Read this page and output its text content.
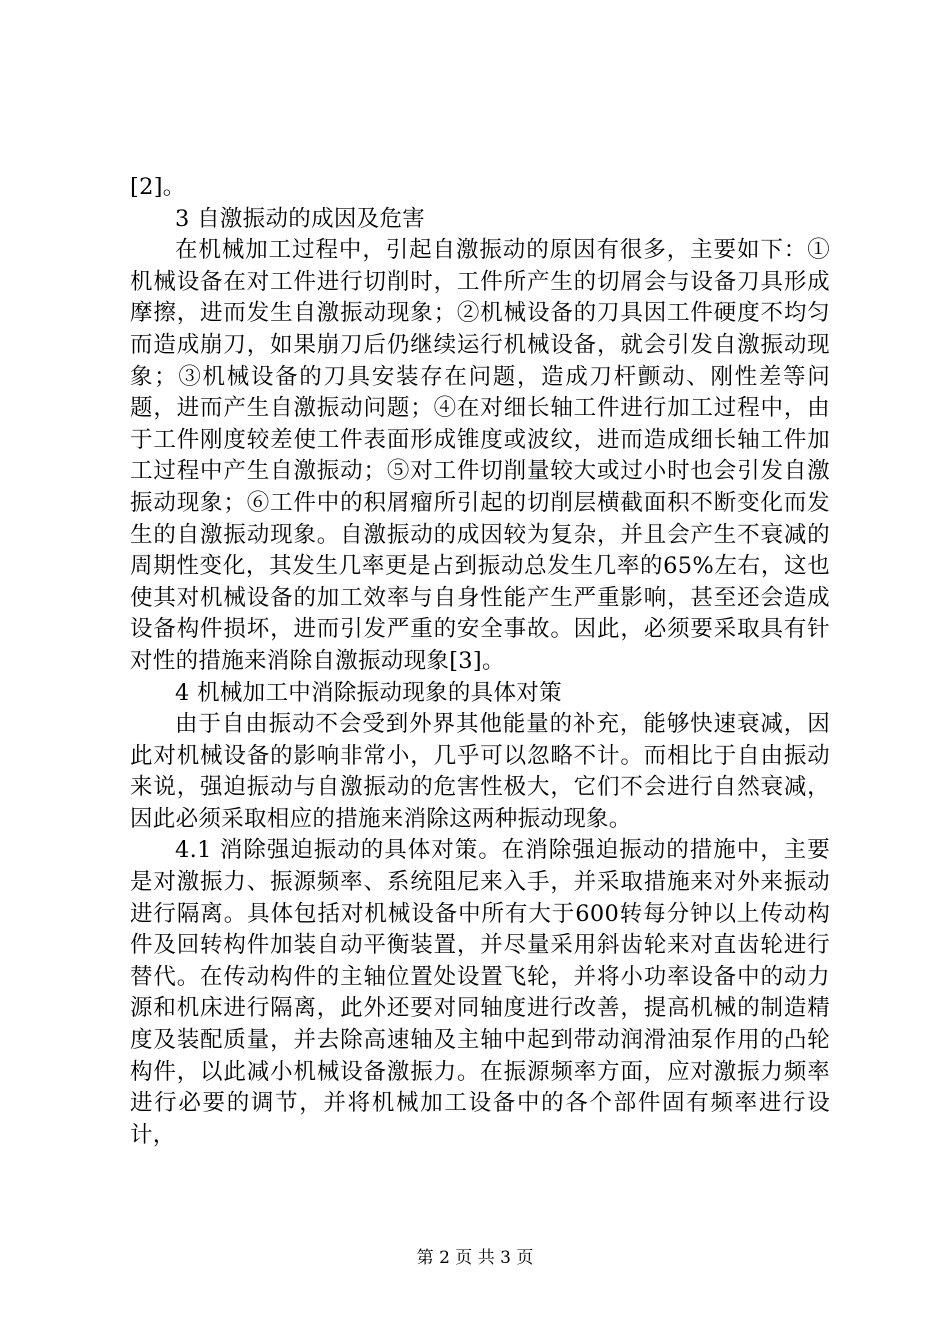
[2]。

3 自激振动的成因及危害

在机械加工过程中，引起自激振动的原因有很多，主要如下：①机械设备在对工件进行切削时，工件所产生的切屑会与设备刀具形成摩擦，进而发生自激振动现象；②机械设备的刀具因工件硬度不均匀而造成崩刀，如果崩刀后仍继续运行机械设备，就会引发自激振动现象；③机械设备的刀具安装存在问题，造成刀杆颤动、刚性差等问题，进而产生自激振动问题；④在对细长轴工件进行加工过程中，由于工件刚度较差使工件表面形成锥度或波纹，进而造成细长轴工件加工过程中产生自激振动；⑤对工件切削量较大或过小时也会引发自激振动现象；⑥工件中的积屑瘤所引起的切削层横截面积不断变化而发生的自激振动现象。自激振动的成因较为复杂，并且会产生不衰减的周期性变化，其发生几率更是占到振动总发生几率的65%左右，这也使其对机械设备的加工效率与自身性能产生严重影响，甚至还会造成设备构件损坏，进而引发严重的安全事故。因此，必须要采取具有针对性的措施来消除自激振动现象[3]。

4 机械加工中消除振动现象的具体对策

由于自由振动不会受到外界其他能量的补充，能够快速衰减，因此对机械设备的影响非常小，几乎可以忽略不计。而相比于自由振动来说，强迫振动与自激振动的危害性极大，它们不会进行自然衰减，因此必须采取相应的措施来消除这两种振动现象。

4.1 消除强迫振动的具体对策。在消除强迫振动的措施中，主要是对激振力、振源频率、系统阻尼来入手，并采取措施来对外来振动进行隔离。具体包括对机械设备中所有大于600转每分钟以上传动构件及回转构件加装自动平衡装置，并尽量采用斜齿轮来对直齿轮进行替代。在传动构件的主轴位置处设置飞轮，并将小功率设备中的动力源和机床进行隔离，此外还要对同轴度进行改善，提高机械的制造精度及装配质量，并去除高速轴及主轴中起到带动润滑油泵作用的凸轮构件，以此减小机械设备激振力。在振源频率方面，应对激振力频率进行必要的调节，并将机械加工设备中的各个部件固有频率进行设计，

第 2 页 共 3 页
